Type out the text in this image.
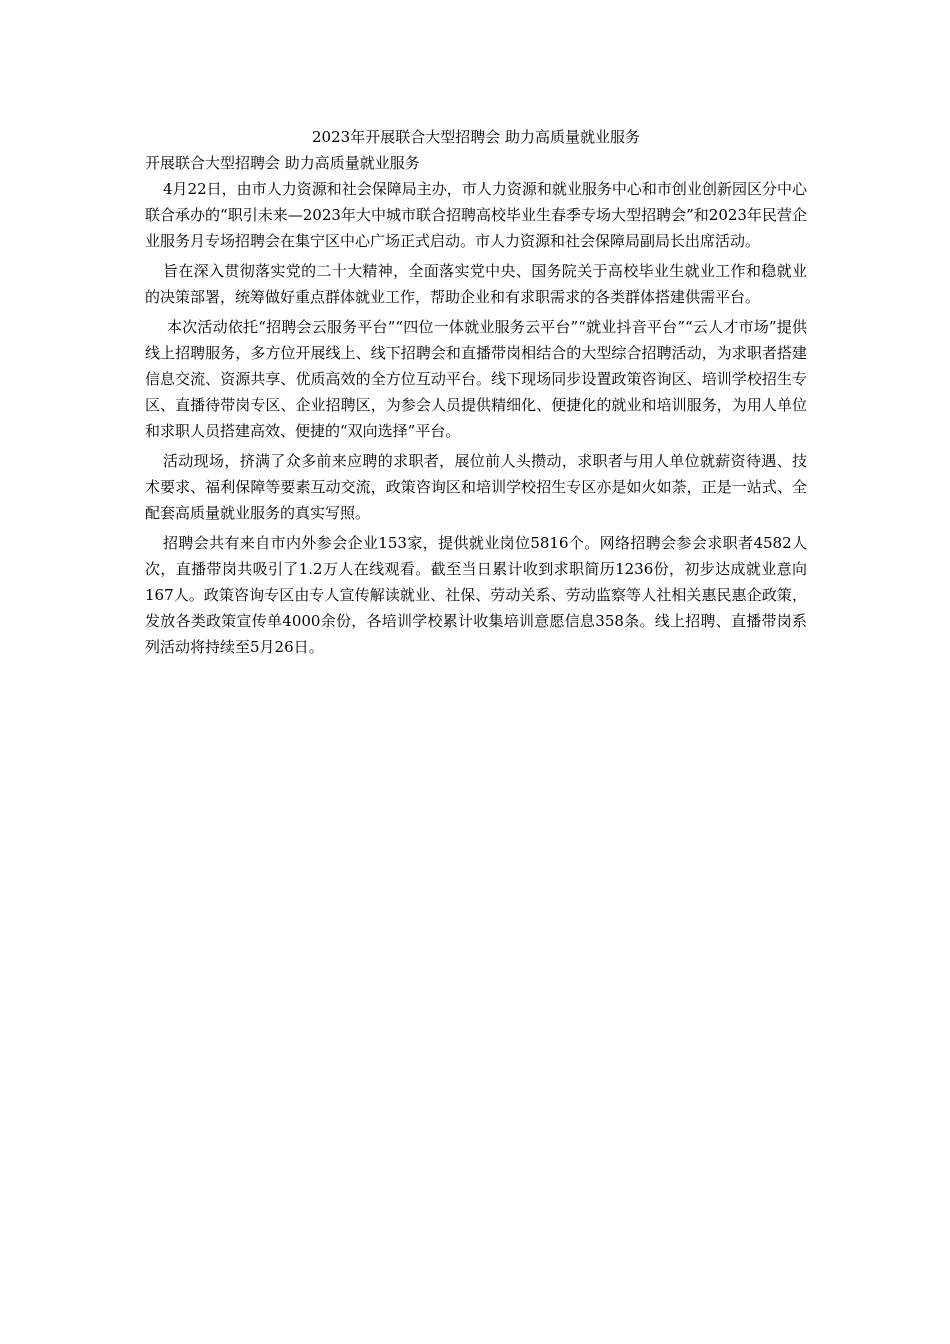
2023年开展联合大型招聘会 助力高质量就业服务

开展联合大型招聘会 助力高质量就业服务

4月22日，由市人力资源和社会保障局主办，市人力资源和就业服务中心和市创业创新园区分中心联合承办的“职引未来—2023年大中城市联合招聘高校毕业生春季专场大型招聘会”和2023年民营企业服务月专场招聘会在集宁区中心广场正式启动。市人力资源和社会保障局副局长出席活动。

旨在深入贯彻落实党的二十大精神，全面落实党中央、国务院关于高校毕业生就业工作和稳就业的决策部署，统筹做好重点群体就业工作，帮助企业和有求职需求的各类群体搭建供需平台。

本次活动依托“招聘会云服务平台”“四位一体就业服务云平台”“就业抖音平台”“云人才市场”提供线上招聘服务，多方位开展线上、线下招聘会和直播带岗相结合的大型综合招聘活动，为求职者搭建信息交流、资源共享、优质高效的全方位互动平台。线下现场同步设置政策咨询区、培训学校招生专区、直播待带岗专区、企业招聘区，为参会人员提供精细化、便捷化的就业和培训服务，为用人单位和求职人员搭建高效、便捷的“双向选择”平台。

活动现场，挤满了众多前来应聘的求职者，展位前人头攒动，求职者与用人单位就薪资待遇、技术要求、福利保障等要素互动交流，政策咨询区和培训学校招生专区亦是如火如荼，正是一站式、全配套高质量就业服务的真实写照。

招聘会共有来自市内外参会企业153家，提供就业岗位5816个。网络招聘会参会求职者4582人次，直播带岗共吸引了1.2万人在线观看。截至当日累计收到求职简历1236份，初步达成就业意向167人。政策咨询专区由专人宣传解读就业、社保、劳动关系、劳动监察等人社相关惠民惠企政策，发放各类政策宣传单4000余份，各培训学校累计收集培训意愿信息358条。线上招聘、直播带岗系列活动将持续至5月26日。
